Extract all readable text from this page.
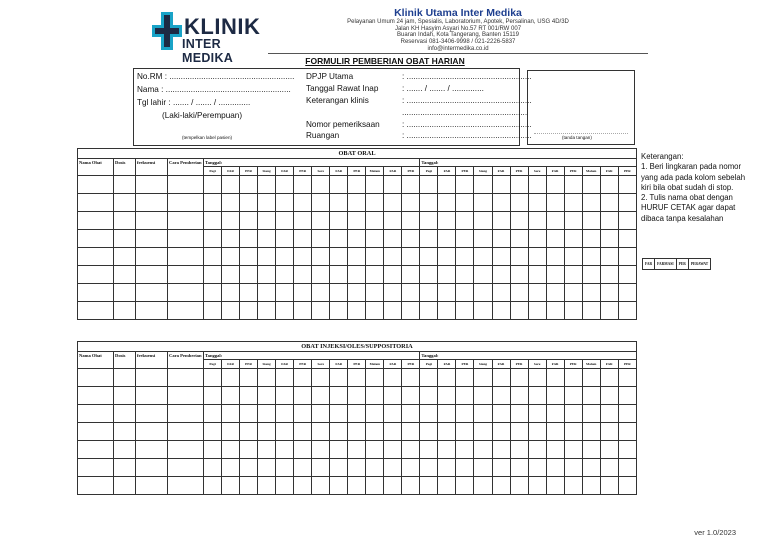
KLINIK
INTER MEDIKA
Klinik Utama Inter Medika
Pelayanan Umum 24 jam, Spesialis, Laboratorium, Apotek, Persalinan, USG 4D/3D
Jalan KH Hasyim Asyari No.57 RT 001/RW 007
Buaran Indah, Kota Tangerang, Banten 15119
Reservasi 081-3406-9998 / 021-2226-5837
info@intermedika.co.id
FORMULIR PEMBERIAN OBAT HARIAN
No.RM : .......................................................
Nama : .......................................................
Tgl lahir : ....... / ....... / ..............
(Laki-laki/Perempuan)
(tempelkan label pasien)
DPJP Utama	: .......................................................
Tanggal Rawat Inap	: ....... / ....... / ..............
Keterangan klinis	: .......................................................
.......................................................
Nomor pemeriksaan	: .......................................................
Ruangan	: .......................................................	(tanda tangan)
Keterangan:
1. Beri lingkaran pada nomor yang ada pada kolom sebelah kiri bila obat sudah di stop.
2. Tulis nama obat dengan HURUF CETAK agar dapat dibaca tanpa kesalahan
FAR	FARMASI	PER	PERAWAT
OBAT ORAL																											
Nama Obat	Dosis	frekuensi	Cara Pemberian	Tanggal:												Tanggal:											
				Pagi	FAR	PER	Siang	FAR	PER	Sore	FAR	PER	Malam	FAR	PER	Pagi	FAR	PER	Siang	FAR	PER	Sore	FAR	PER	Malam	FAR	PER

OBAT INJEKSI/OLES/SUPPOSITORIA																											
Nama Obat	Dosis	frekuensi	Cara Pemberian	Tanggal:												Tanggal:											
				Pagi	FAR	PER	Siang	FAR	PER	Sore	FAR	PER	Malam	FAR	PER	Pagi	FAR	PER	Siang	FAR	PER	Sore	FAR	PER	Malam	FAR	PER

ver 1.0/2023
